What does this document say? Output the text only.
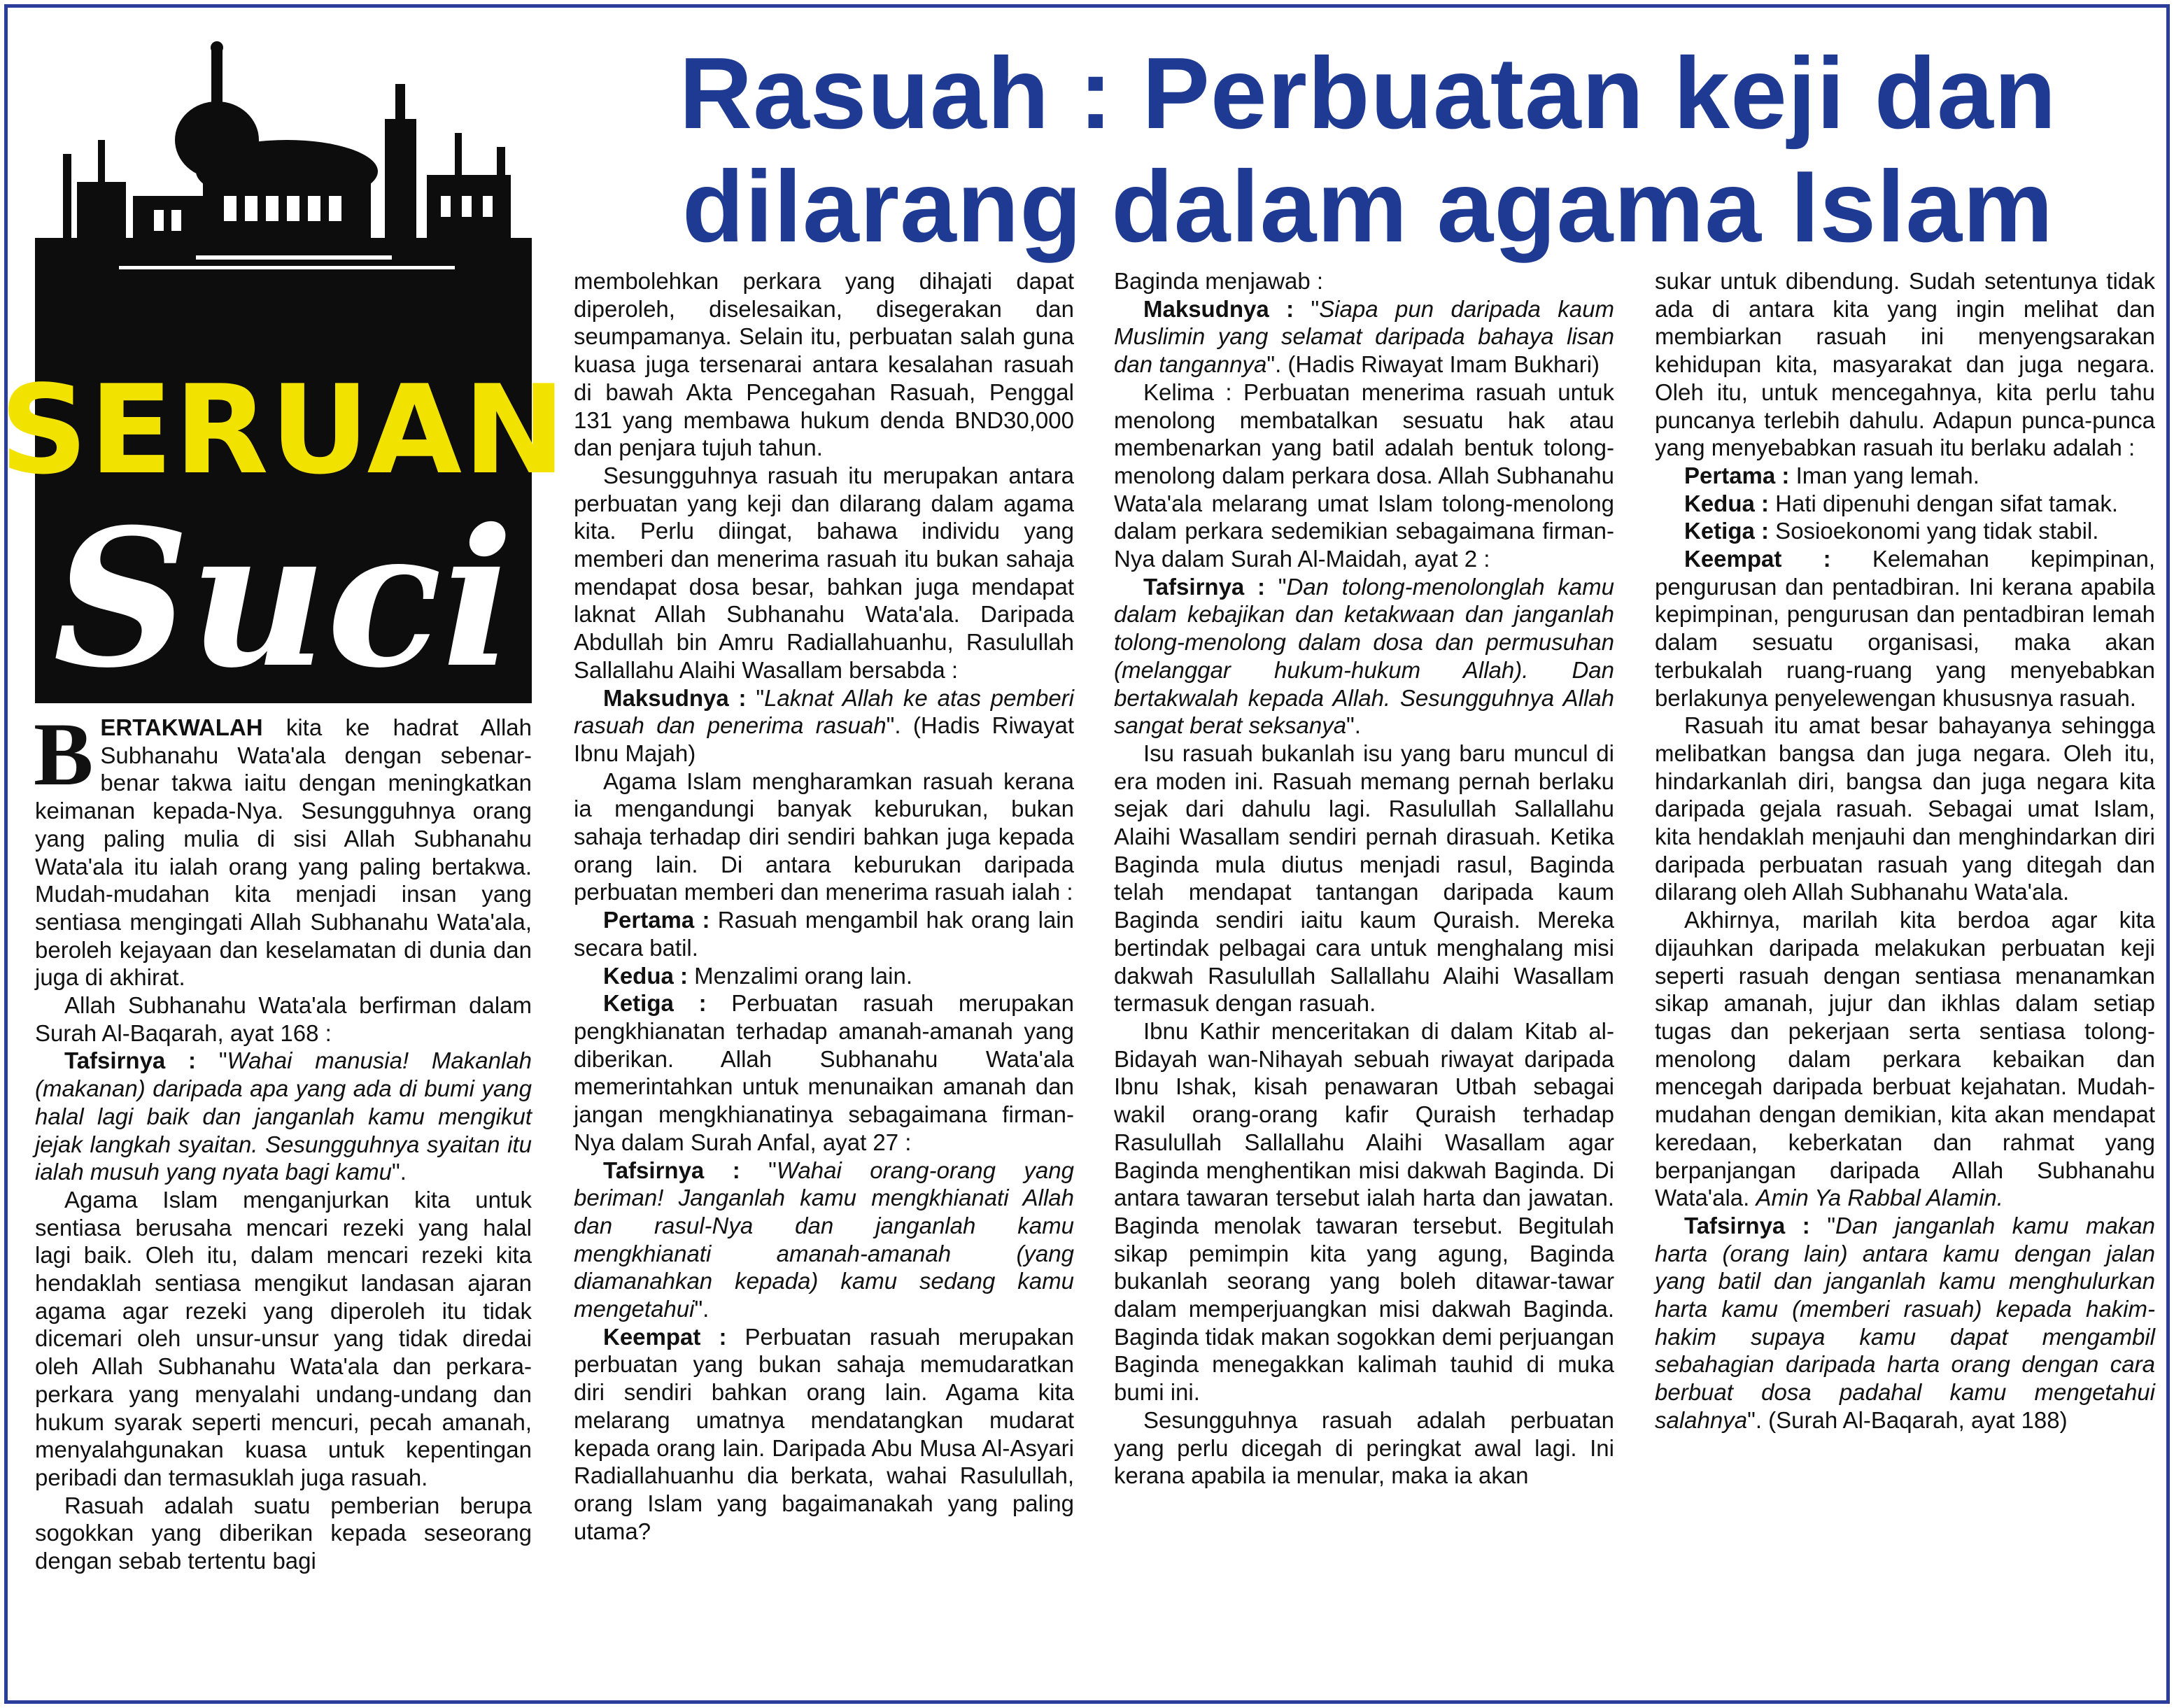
SERUAN
Suci
Rasuah : Perbuatan keji dan dilarang dalam agama Islam

BERTAKWALAH kita ke hadrat Allah Subhanahu Wata'ala dengan sebenar-benar takwa iaitu dengan meningkatkan keimanan kepada-Nya. Sesungguhnya orang yang paling mulia di sisi Allah Subhanahu Wata'ala itu ialah orang yang paling bertakwa. Mudah-mudahan kita menjadi insan yang sentiasa mengingati Allah Subhanahu Wata'ala, beroleh kejayaan dan keselamatan di dunia dan juga di akhirat.

Allah Subhanahu Wata'ala berfirman dalam Surah Al-Baqarah, ayat 168 :

Tafsirnya : "Wahai manusia! Makanlah (makanan) daripada apa yang ada di bumi yang halal lagi baik dan janganlah kamu mengikut jejak langkah syaitan. Sesungguhnya syaitan itu ialah musuh yang nyata bagi kamu".

Agama Islam menganjurkan kita untuk sentiasa berusaha mencari rezeki yang halal lagi baik. Oleh itu, dalam mencari rezeki kita hendaklah sentiasa mengikut landasan ajaran agama agar rezeki yang diperoleh itu tidak dicemari oleh unsur-unsur yang tidak diredai oleh Allah Subhanahu Wata'ala dan perkara-perkara yang menyalahi undang-undang dan hukum syarak seperti mencuri, pecah amanah, menyalahgunakan kuasa untuk kepentingan peribadi dan termasuklah juga rasuah.

Rasuah adalah suatu pemberian berupa sogokkan yang diberikan kepada seseorang dengan sebab tertentu bagi

membolehkan perkara yang dihajati dapat diperoleh, diselesaikan, disegerakan dan seumpamanya. Selain itu, perbuatan salah guna kuasa juga tersenarai antara kesalahan rasuah di bawah Akta Pencegahan Rasuah, Penggal 131 yang membawa hukum denda BND30,000 dan penjara tujuh tahun.

Sesungguhnya rasuah itu merupakan antara perbuatan yang keji dan dilarang dalam agama kita. Perlu diingat, bahawa individu yang memberi dan menerima rasuah itu bukan sahaja mendapat dosa besar, bahkan juga mendapat laknat Allah Subhanahu Wata'ala. Daripada Abdullah bin Amru Radiallahuanhu, Rasulullah Sallallahu Alaihi Wasallam bersabda :

Maksudnya : "Laknat Allah ke atas pemberi rasuah dan penerima rasuah". (Hadis Riwayat Ibnu Majah)

Agama Islam mengharamkan rasuah kerana ia mengandungi banyak keburukan, bukan sahaja terhadap diri sendiri bahkan juga kepada orang lain. Di antara keburukan daripada perbuatan memberi dan menerima rasuah ialah :

Pertama : Rasuah mengambil hak orang lain secara batil.

Kedua : Menzalimi orang lain.

Ketiga : Perbuatan rasuah merupakan pengkhianatan terhadap amanah-amanah yang diberikan. Allah Subhanahu Wata'ala memerintahkan untuk menunaikan amanah dan jangan mengkhianatinya sebagaimana firman-Nya dalam Surah Anfal, ayat 27 :

Tafsirnya : "Wahai orang-orang yang beriman! Janganlah kamu mengkhianati Allah dan rasul-Nya dan janganlah kamu mengkhianati amanah-amanah (yang diamanahkan kepada) kamu sedang kamu mengetahui".

Keempat : Perbuatan rasuah merupakan perbuatan yang bukan sahaja memudaratkan diri sendiri bahkan orang lain. Agama kita melarang umatnya mendatangkan mudarat kepada orang lain. Daripada Abu Musa Al-Asyari Radiallahuanhu dia berkata, wahai Rasulullah, orang Islam yang bagaimanakah yang paling utama?

Baginda menjawab :

Maksudnya : "Siapa pun daripada kaum Muslimin yang selamat daripada bahaya lisan dan tangannya". (Hadis Riwayat Imam Bukhari)

Kelima : Perbuatan menerima rasuah untuk menolong membatalkan sesuatu hak atau membenarkan yang batil adalah bentuk tolong-menolong dalam perkara dosa. Allah Subhanahu Wata'ala melarang umat Islam tolong-menolong dalam perkara sedemikian sebagaimana firman-Nya dalam Surah Al-Maidah, ayat 2 :

Tafsirnya : "Dan tolong-menolonglah kamu dalam kebajikan dan ketakwaan dan janganlah tolong-menolong dalam dosa dan permusuhan (melanggar hukum-hukum Allah). Dan bertakwalah kepada Allah. Sesungguhnya Allah sangat berat seksanya".

Isu rasuah bukanlah isu yang baru muncul di era moden ini. Rasuah memang pernah berlaku sejak dari dahulu lagi. Rasulullah Sallallahu Alaihi Wasallam sendiri pernah dirasuah. Ketika Baginda mula diutus menjadi rasul, Baginda telah mendapat tantangan daripada kaum Baginda sendiri iaitu kaum Quraish. Mereka bertindak pelbagai cara untuk menghalang misi dakwah Rasulullah Sallallahu Alaihi Wasallam termasuk dengan rasuah.

Ibnu Kathir menceritakan di dalam Kitab al-Bidayah wan-Nihayah sebuah riwayat daripada Ibnu Ishak, kisah penawaran Utbah sebagai wakil orang-orang kafir Quraish terhadap Rasulullah Sallallahu Alaihi Wasallam agar Baginda menghentikan misi dakwah Baginda. Di antara tawaran tersebut ialah harta dan jawatan. Baginda menolak tawaran tersebut. Begitulah sikap pemimpin kita yang agung, Baginda bukanlah seorang yang boleh ditawar-tawar dalam memperjuangkan misi dakwah Baginda. Baginda tidak makan sogokkan demi perjuangan Baginda menegakkan kalimah tauhid di muka bumi ini.

Sesungguhnya rasuah adalah perbuatan yang perlu dicegah di peringkat awal lagi. Ini kerana apabila ia menular, maka ia akan

sukar untuk dibendung. Sudah setentunya tidak ada di antara kita yang ingin melihat dan membiarkan rasuah ini menyengsarakan kehidupan kita, masyarakat dan juga negara. Oleh itu, untuk mencegahnya, kita perlu tahu puncanya terlebih dahulu. Adapun punca-punca yang menyebabkan rasuah itu berlaku adalah :

Pertama : Iman yang lemah.

Kedua : Hati dipenuhi dengan sifat tamak.

Ketiga : Sosioekonomi yang tidak stabil.

Keempat : Kelemahan kepimpinan, pengurusan dan pentadbiran. Ini kerana apabila kepimpinan, pengurusan dan pentadbiran lemah dalam sesuatu organisasi, maka akan terbukalah ruang-ruang yang menyebabkan berlakunya penyelewengan khususnya rasuah.

Rasuah itu amat besar bahayanya sehingga melibatkan bangsa dan juga negara. Oleh itu, hindarkanlah diri, bangsa dan juga negara kita daripada gejala rasuah. Sebagai umat Islam, kita hendaklah menjauhi dan menghindarkan diri daripada perbuatan rasuah yang ditegah dan dilarang oleh Allah Subhanahu Wata'ala.

Akhirnya, marilah kita berdoa agar kita dijauhkan daripada melakukan perbuatan keji seperti rasuah dengan sentiasa menanamkan sikap amanah, jujur dan ikhlas dalam setiap tugas dan pekerjaan serta sentiasa tolong-menolong dalam perkara kebaikan dan mencegah daripada berbuat kejahatan. Mudah-mudahan dengan demikian, kita akan mendapat keredaan, keberkatan dan rahmat yang berpanjangan daripada Allah Subhanahu Wata'ala. Amin Ya Rabbal Alamin.

Tafsirnya : "Dan janganlah kamu makan harta (orang lain) antara kamu dengan jalan yang batil dan janganlah kamu menghulurkan harta kamu (memberi rasuah) kepada hakim-hakim supaya kamu dapat mengambil sebahagian daripada harta orang dengan cara berbuat dosa padahal kamu mengetahui salahnya". (Surah Al-Baqarah, ayat 188)
